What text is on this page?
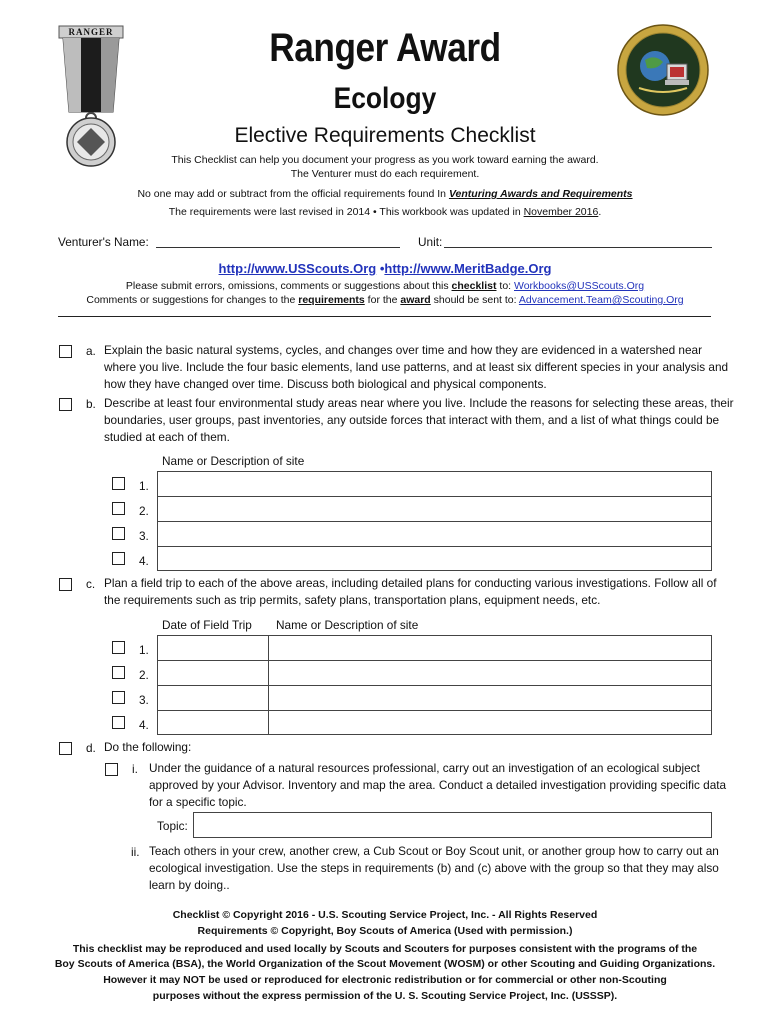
RANGER	Ranger Award
Ecology
Elective Requirements Checklist
This Checklist can help you document your progress as you work toward earning the award.
The Venturer must do each requirement.
No one may add or subtract from the official requirements found In Venturing Awards and Requirements
The requirements were last revised in 2014 • This workbook was updated in November 2016.
Venturer's Name:	Unit:
http://www.USScouts.Org •http://www.MeritBadge.Org
Please submit errors, omissions, comments or suggestions about this checklist to: Workbooks@USScouts.Org
Comments or suggestions for changes to the requirements for the award should be sent to: Advancement.Team@Scouting.Org
a. Explain the basic natural systems, cycles, and changes over time and how they are evidenced in a watershed near
where you live. Include the four basic elements, land use patterns, and at least six different species in your analysis and
how they have changed over time. Discuss both biological and physical components.
b. Describe at least four environmental study areas near where you live. Include the reasons for selecting these areas, their
boundaries, user groups, past inventories, any outside forces that interact with them, and a list of what things could be
studied at each of them.
Name or Description of site
1.
2.
3.
4.
c. Plan a field trip to each of the above areas, including detailed plans for conducting various investigations. Follow all of
the requirements such as trip permits, safety plans, transportation plans, equipment needs, etc.
Date of Field Trip Name or Description of site
1.
2.
3.
4.
d. Do the following:
i. Under the guidance of a natural resources professional, carry out an investigation of an ecological subject
approved by your Advisor. Inventory and map the area. Conduct a detailed investigation providing specific data
for a specific topic.
Topic:
ii. Teach others in your crew, another crew, a Cub Scout or Boy Scout unit, or another group how to carry out an
ecological investigation. Use the steps in requirements (b) and (c) above with the group so that they may also
learn by doing..
Checklist © Copyright 2016 - U.S. Scouting Service Project, Inc. - All Rights Reserved
Requirements © Copyright, Boy Scouts of America (Used with permission.)
This checklist may be reproduced and used locally by Scouts and Scouters for purposes consistent with the programs of the
Boy Scouts of America (BSA), the World Organization of the Scout Movement (WOSM) or other Scouting and Guiding Organizations.
However it may NOT be used or reproduced for electronic redistribution or for commercial or other non-Scouting
purposes without the express permission of the U. S. Scouting Service Project, Inc. (USSSP).
